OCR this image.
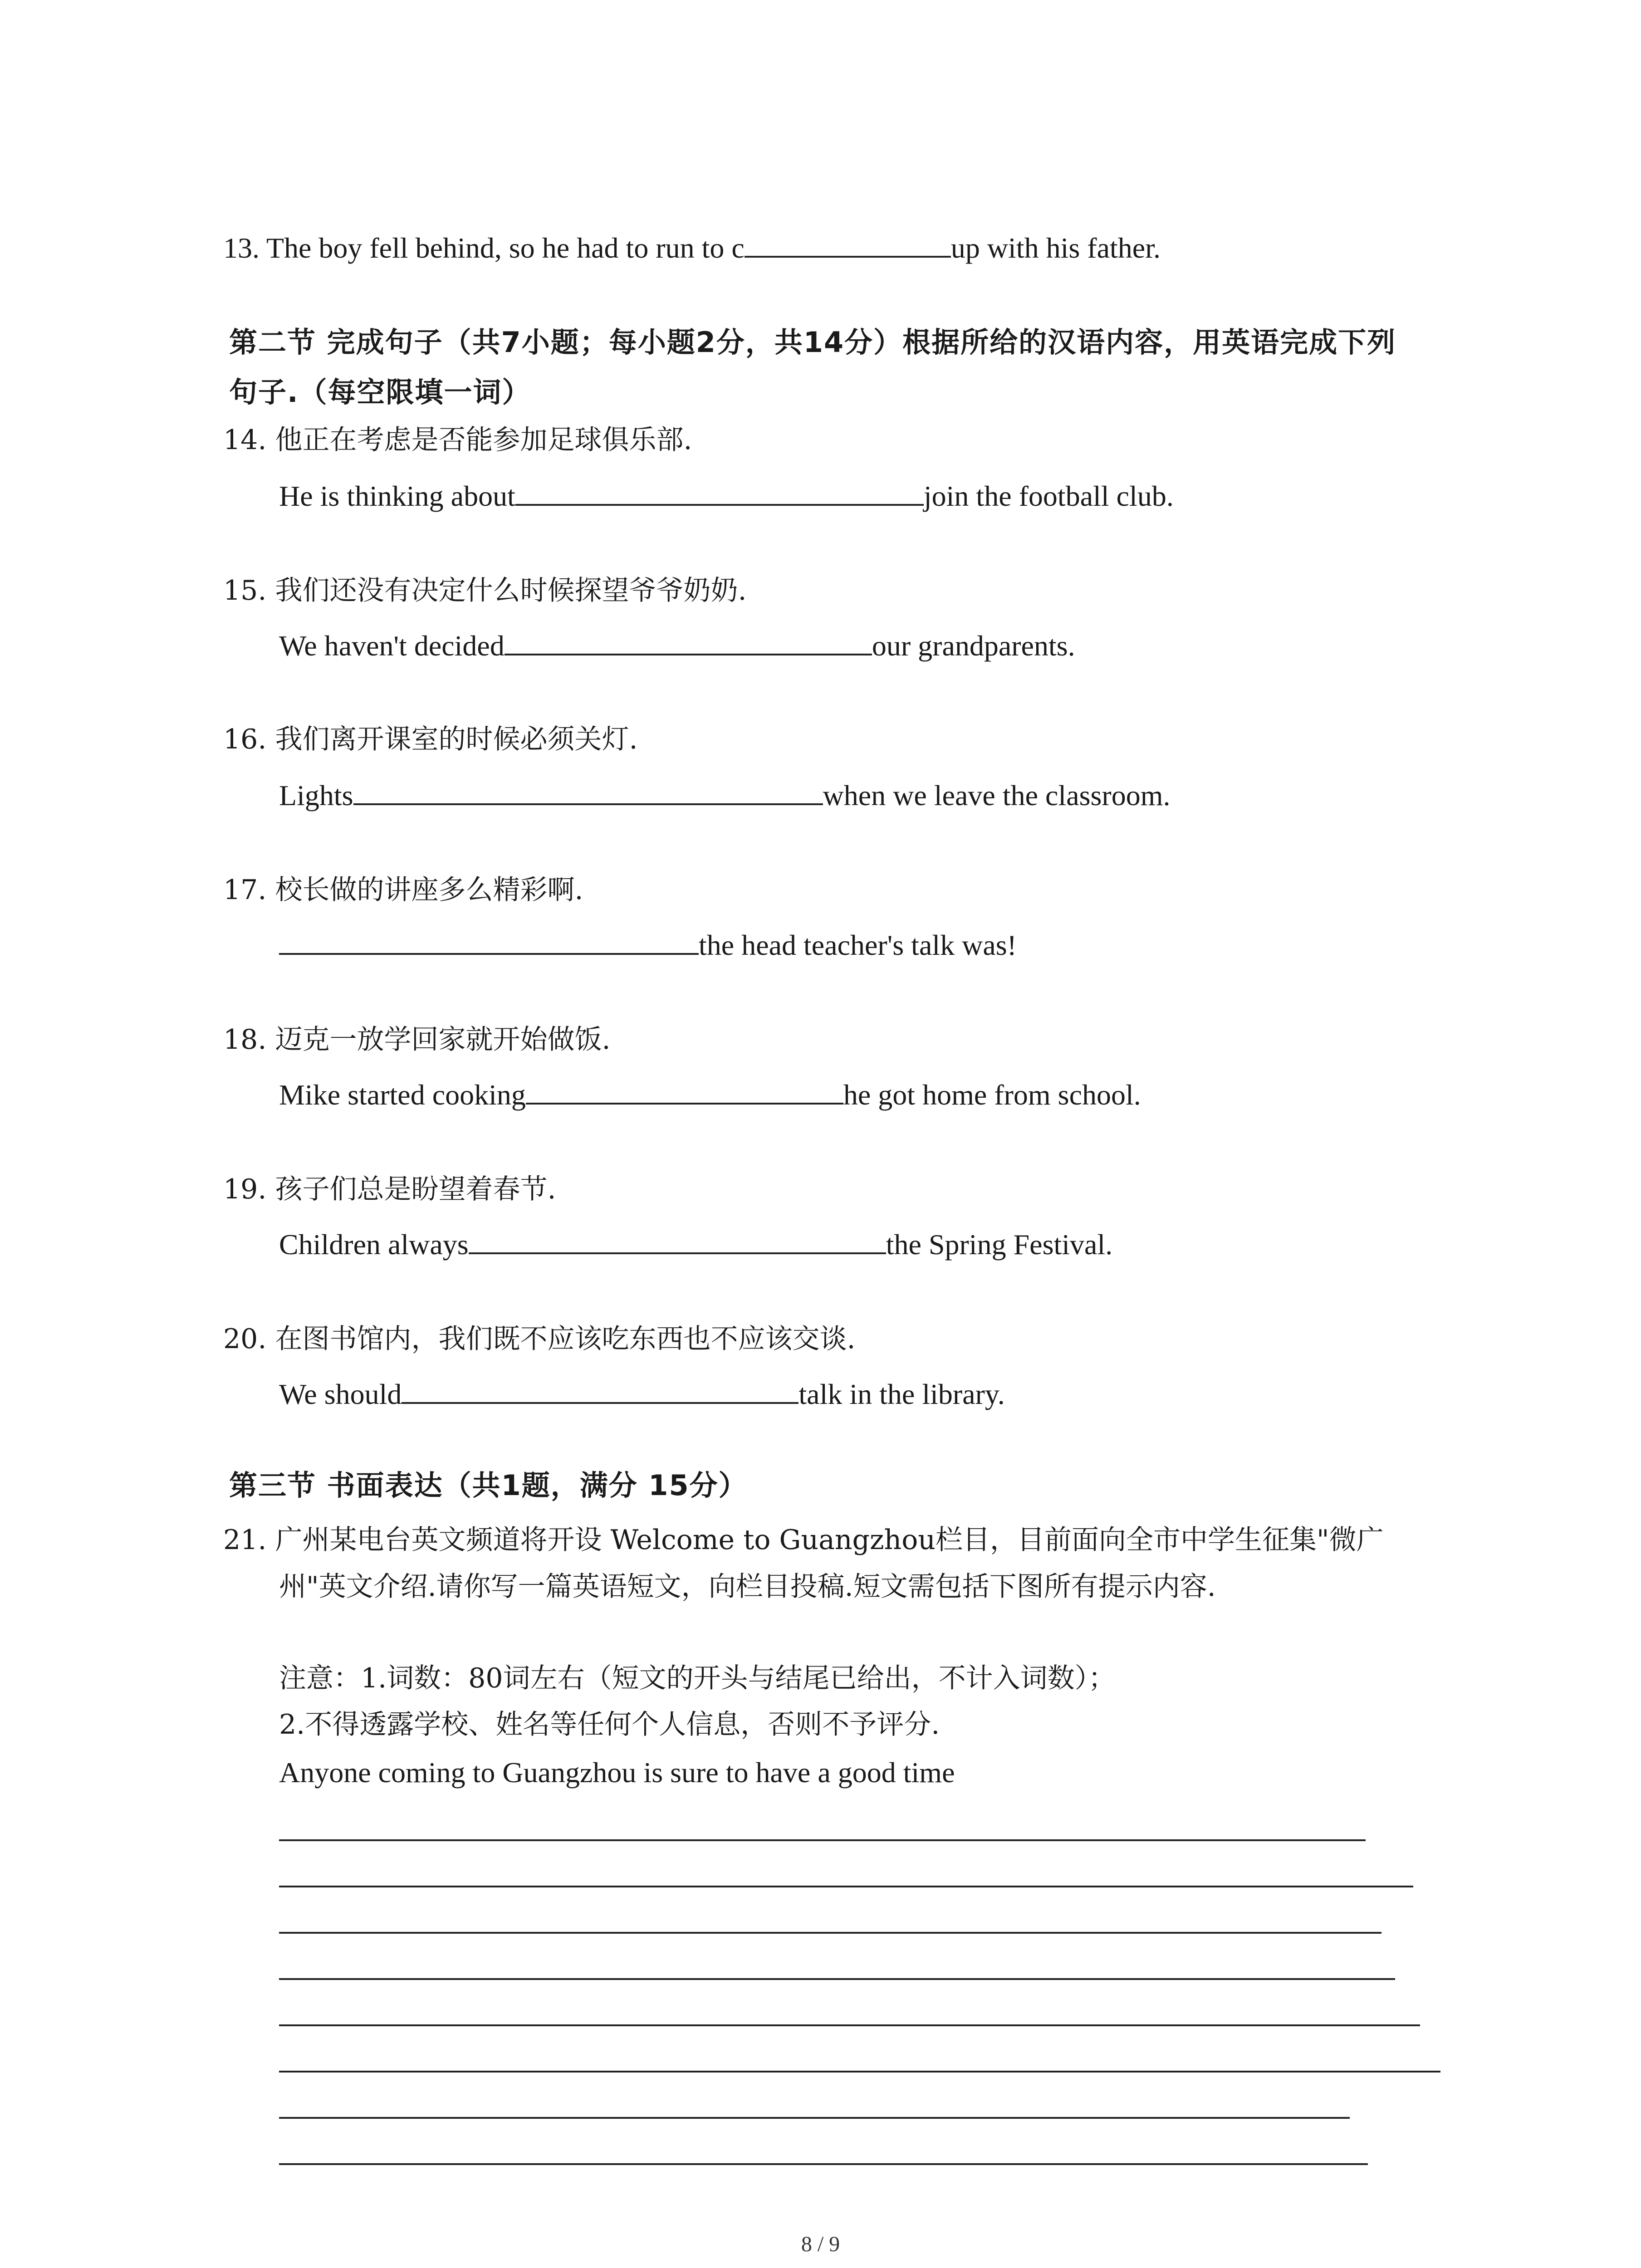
13. The boy fell behind, so he had to run to c	up with his father.
第二节 完成句子（共7小题；每小题2分，共14分）根据所给的汉语内容，用英语完成下列
句子.（每空限填一词）
14. 他正在考虑是否能参加足球俱乐部.
He is thinking about	join the football club.
15. 我们还没有决定什么时候探望爷爷奶奶.
We haven't decided	our grandparents.
16. 我们离开课室的时候必须关灯.
Lights	when we leave the classroom.
17. 校长做的讲座多么精彩啊.
the head teacher's talk was!
18. 迈克一放学回家就开始做饭.
Mike started cooking	he got home from school.
19. 孩子们总是盼望着春节.
Children always	the Spring Festival.
20. 在图书馆内，我们既不应该吃东西也不应该交谈.
We should	talk in the library.
第三节 书面表达（共1题，满分 15分）
21. 广州某电台英文频道将开设 Welcome to Guangzhou栏目，目前面向全市中学生征集"微广
州"英文介绍.请你写一篇英语短文，向栏目投稿.短文需包括下图所有提示内容.
注意：1.词数：80词左右（短文的开头与结尾已给出，不计入词数）；
2.不得透露学校、姓名等任何个人信息，否则不予评分.
Anyone coming to Guangzhou is sure to have a good time
8 / 9
